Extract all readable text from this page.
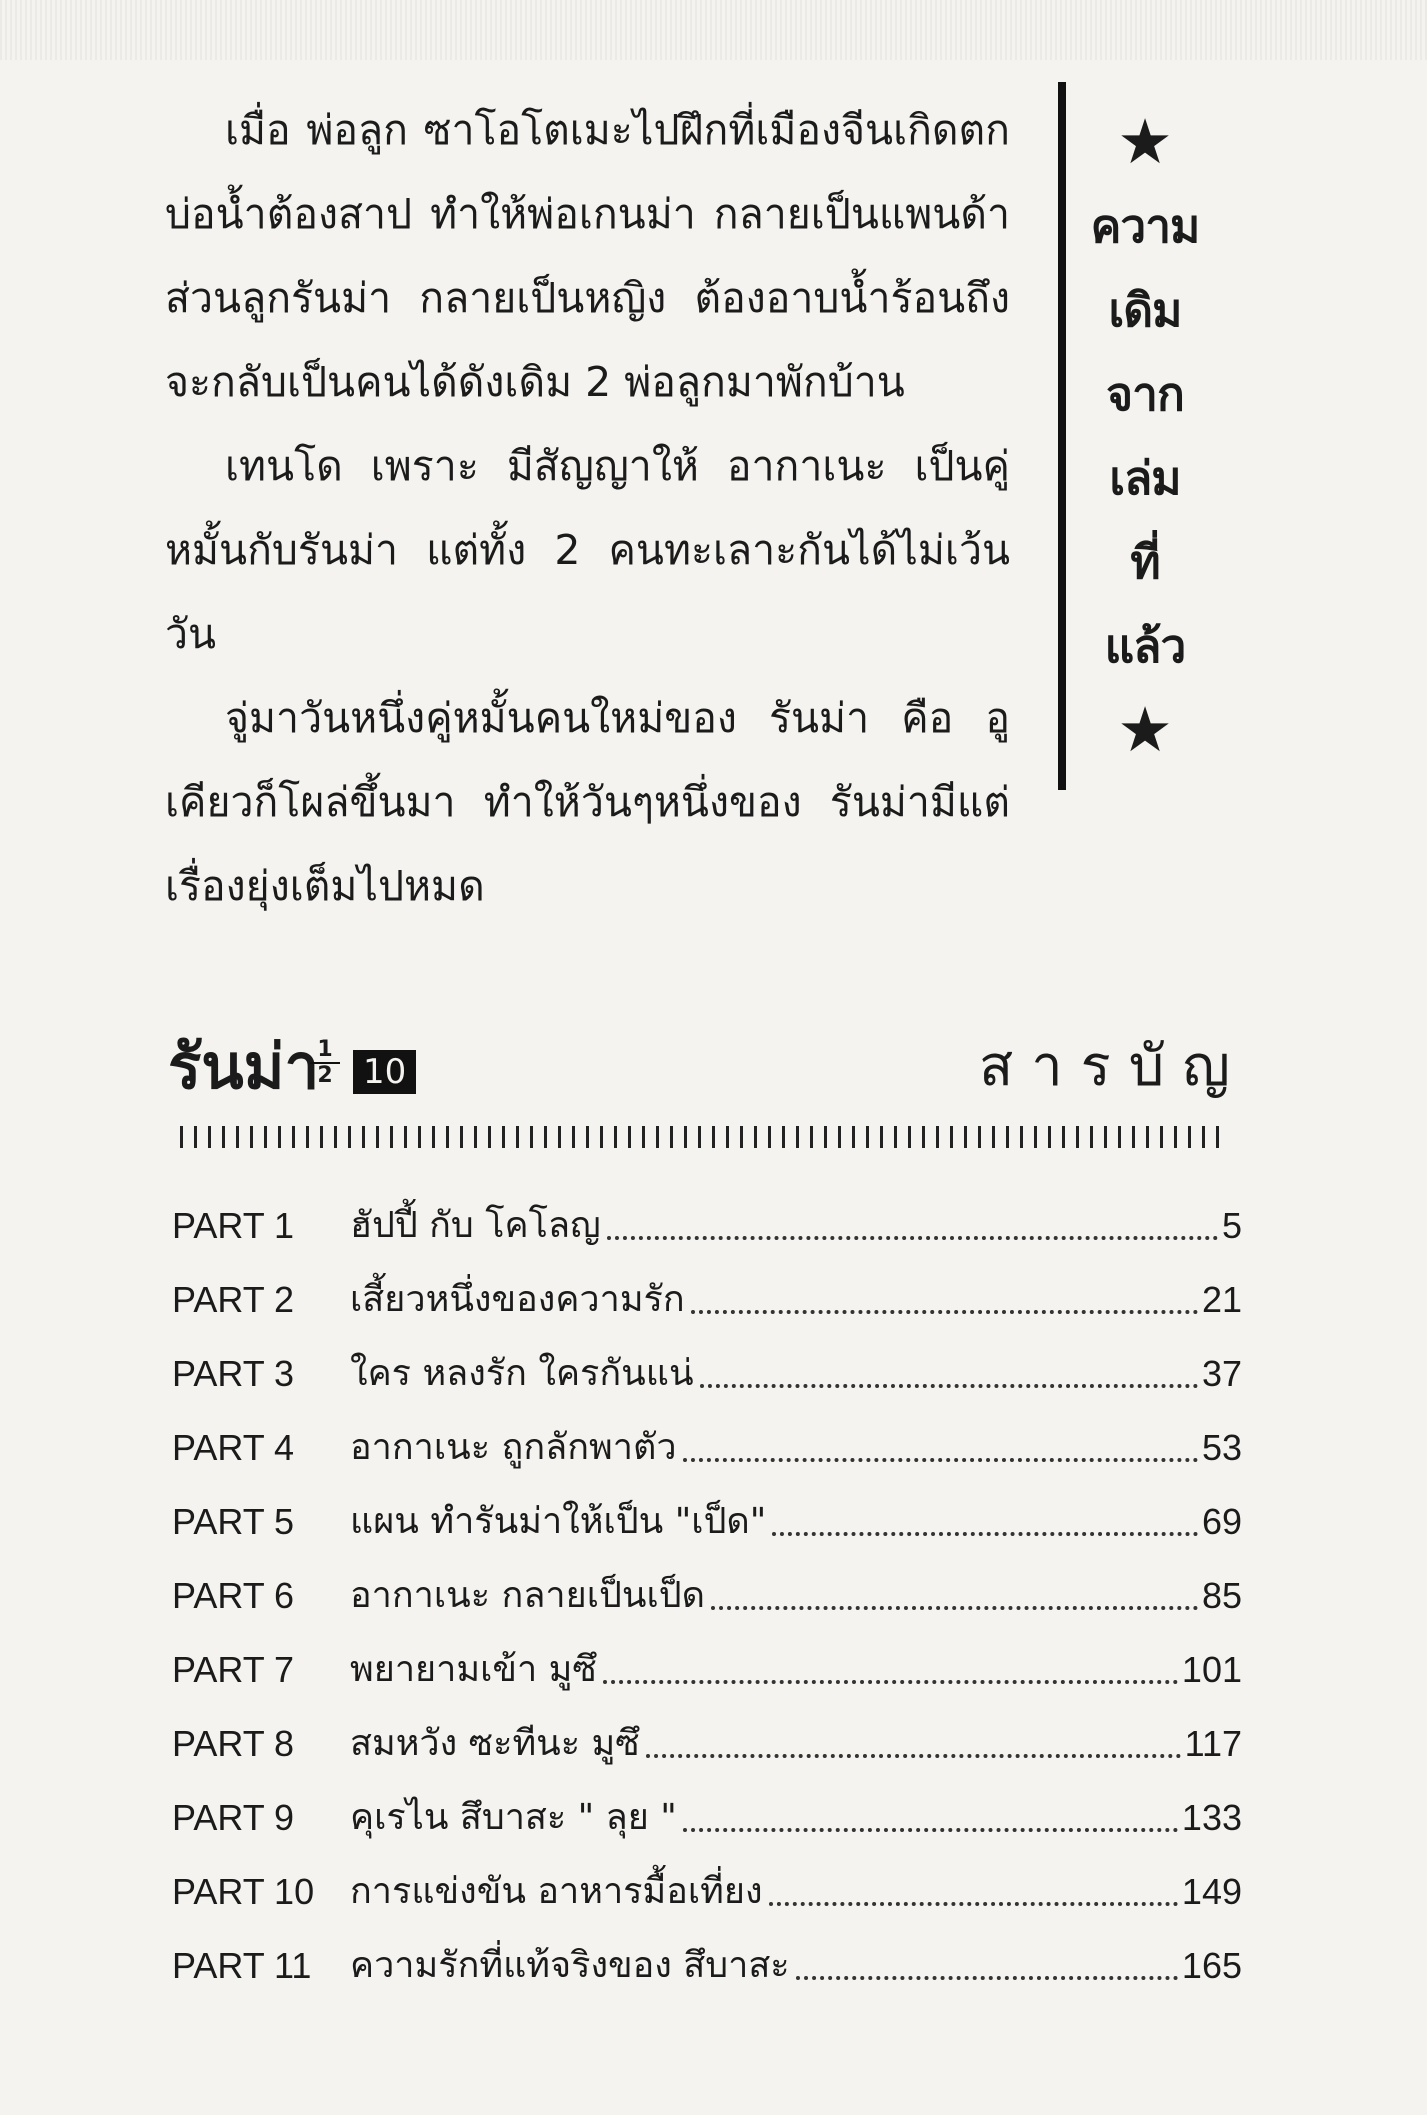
เมื่อ พ่อลูก ซาโอโตเมะไปฝึกที่เมืองจีนเกิดตกบ่อน้ำต้องสาป ทำให้พ่อเกนม่า กลายเป็นแพนด้าส่วนลูกรันม่า กลายเป็นหญิง ต้องอาบน้ำร้อนถึงจะกลับเป็นคนได้ดังเดิม 2 พ่อลูกมาพักบ้าน

เทนโด เพราะ มีสัญญาให้ อากาเนะ เป็นคู่หมั้นกับรันม่า แต่ทั้ง 2 คนทะเลาะกันได้ไม่เว้นวัน

จู่มาวันหนึ่งคู่หมั้นคนใหม่ของ รันม่า คือ อูเคียวก็โผล่ขึ้นมา ทำให้วันๆหนึ่งของ รันม่ามีแต่เรื่องยุ่งเต็มไปหมด

★
ความ
เดิม
จาก
เล่ม
ที่
แล้ว
★
รันม่า
$\frac{1}{2} 10$	สารบัญ
PART 1	ฮัปปี้ กับ โคโลญ	5
PART 2	เสี้ยวหนึ่งของความรัก	21
PART 3	ใคร หลงรัก ใครกันแน่	37
PART 4	อากาเนะ ถูกลักพาตัว	53
PART 5	แผน ทำรันม่าให้เป็น "เป็ด"	69
PART 6	อากาเนะ กลายเป็นเป็ด	85
PART 7	พยายามเข้า มูซึ	101
PART 8	สมหวัง ซะทีนะ มูซึ	117
PART 9	คุเรไน สึบาสะ " ลุย "	133
PART 10 การแข่งขัน อาหารมื้อเที่ยง	149
PART 11	ความรักที่แท้จริงของ สึบาสะ	165
